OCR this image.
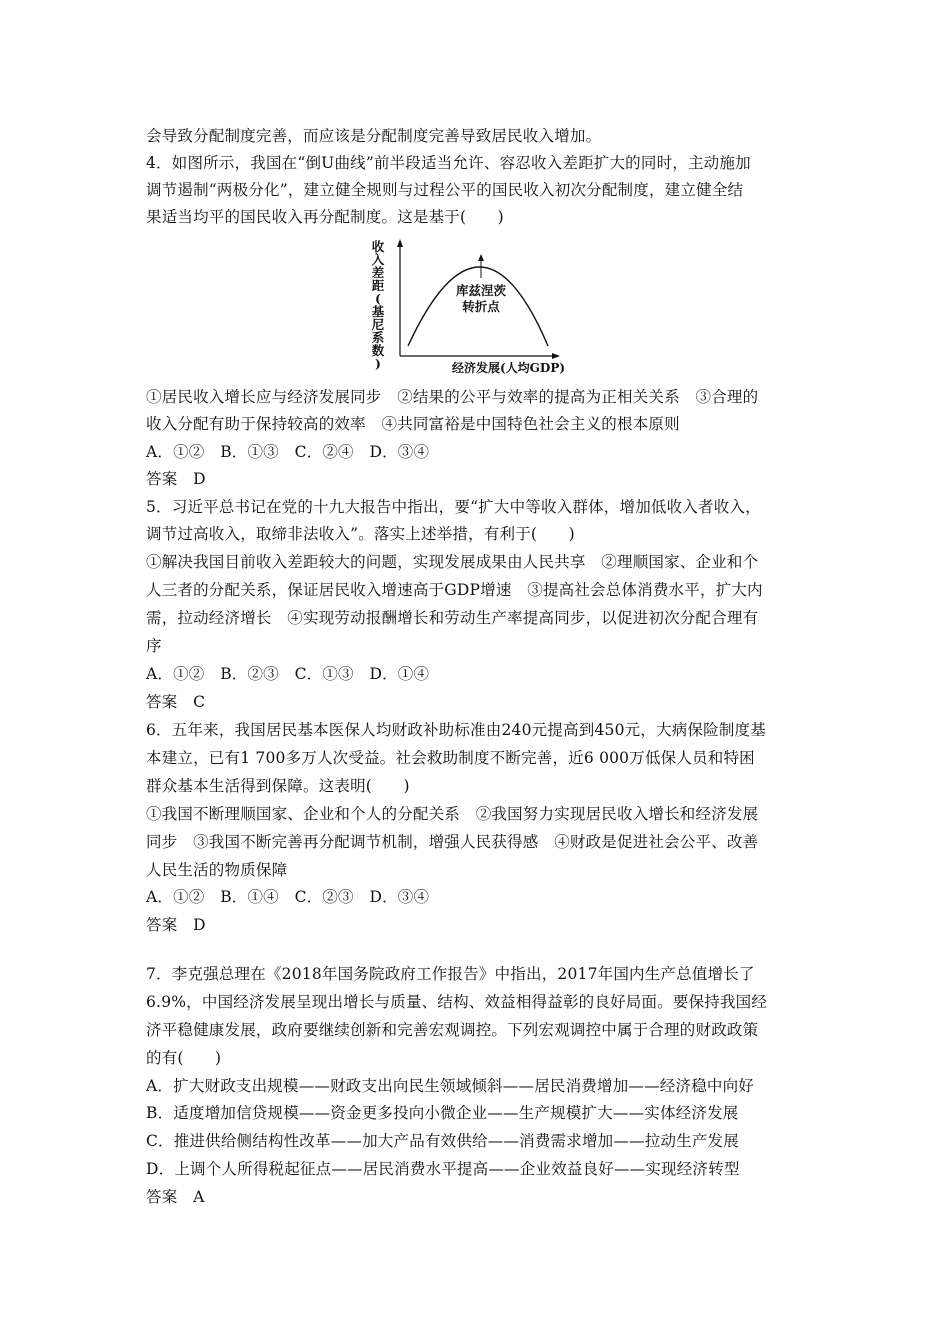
会导致分配制度完善，而应该是分配制度完善导致居民收入增加。
4．如图所示，我国在“倒U曲线”前半段适当允许、容忍收入差距扩大的同时，主动施加
调节遏制“两极分化”，建立健全规则与过程公平的国民收入初次分配制度，建立健全结
果适当均平的国民收入再分配制度。这是基于(　　)
①居民收入增长应与经济发展同步　②结果的公平与效率的提高为正相关关系　③合理的
收入分配有助于保持较高的效率　④共同富裕是中国特色社会主义的根本原则
A．①②　B．①③　C．②④　D．③④
答案　D
5．习近平总书记在党的十九大报告中指出，要“扩大中等收入群体，增加低收入者收入，
调节过高收入，取缔非法收入”。落实上述举措，有利于(　　)
①解决我国目前收入差距较大的问题，实现发展成果由人民共享　②理顺国家、企业和个
人三者的分配关系，保证居民收入增速高于GDP增速　③提高社会总体消费水平，扩大内
需，拉动经济增长　④实现劳动报酬增长和劳动生产率提高同步，以促进初次分配合理有
序
A．①②　B．②③　C．①③　D．①④
答案　C
6．五年来，我国居民基本医保人均财政补助标准由240元提高到450元，大病保险制度基
本建立，已有1 700多万人次受益。社会救助制度不断完善，近6 000万低保人员和特困
群众基本生活得到保障。这表明(　　)
①我国不断理顺国家、企业和个人的分配关系　②我国努力实现居民收入增长和经济发展
同步　③我国不断完善再分配调节机制，增强人民获得感　④财政是促进社会公平、改善
人民生活的物质保障
A．①②　B．①④　C．②③　D．③④
答案　D
7．李克强总理在《2018年国务院政府工作报告》中指出，2017年国内生产总值增长了
6.9%，中国经济发展呈现出增长与质量、结构、效益相得益彰的良好局面。要保持我国经
济平稳健康发展，政府要继续创新和完善宏观调控。下列宏观调控中属于合理的财政政策
的有(　　)
A．扩大财政支出规模——财政支出向民生领域倾斜——居民消费增加——经济稳中向好
B．适度增加信贷规模——资金更多投向小微企业——生产规模扩大——实体经济发展
C．推进供给侧结构性改革——加大产品有效供给——消费需求增加——拉动生产发展
D．上调个人所得税起征点——居民消费水平提高——企业效益良好——实现经济转型
答案　A
收
入
差
距
(
基
尼
系
数
)
库兹涅茨
转折点
经济发展(人均GDP)
